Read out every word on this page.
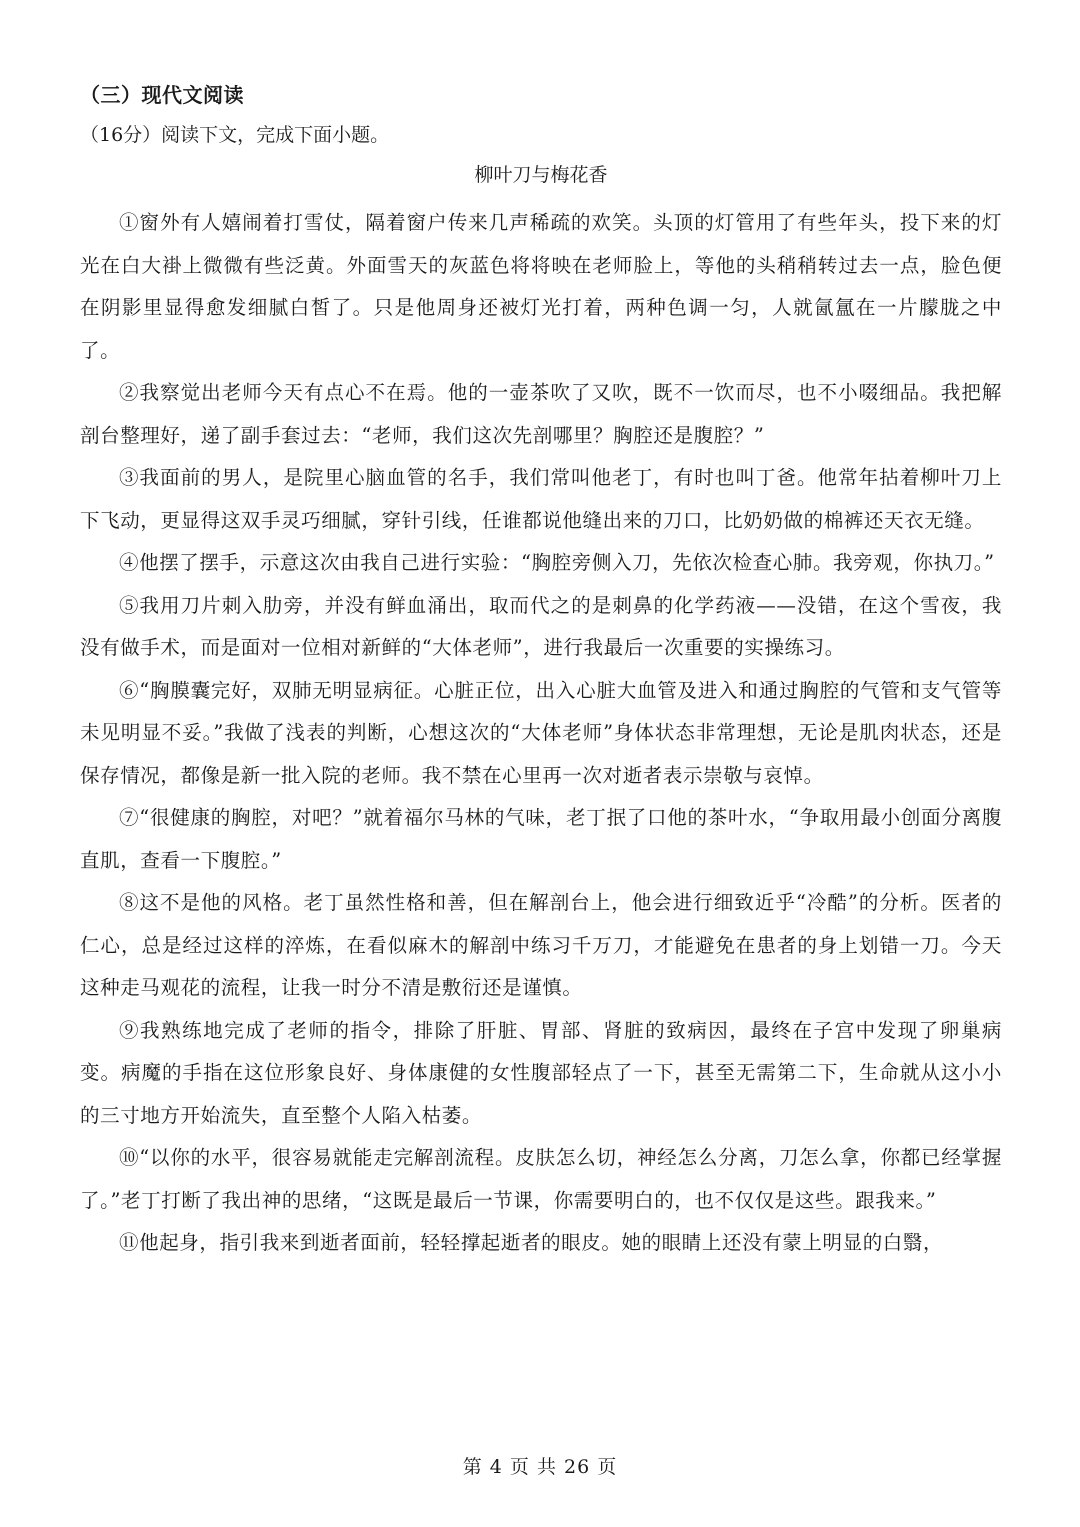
（三）现代文阅读
（16分）阅读下文，完成下面小题。
柳叶刀与梅花香

①窗外有人嬉闹着打雪仗，隔着窗户传来几声稀疏的欢笑。头顶的灯管用了有些年头，投下来的灯光在白大褂上微微有些泛黄。外面雪天的灰蓝色将将映在老师脸上，等他的头稍稍转过去一点，脸色便在阴影里显得愈发细腻白皙了。只是他周身还被灯光打着，两种色调一匀，人就氤氲在一片朦胧之中了。

②我察觉出老师今天有点心不在焉。他的一壶茶吹了又吹，既不一饮而尽，也不小啜细品。我把解剖台整理好，递了副手套过去：“老师，我们这次先剖哪里？胸腔还是腹腔？”

③我面前的男人，是院里心脑血管的名手，我们常叫他老丁，有时也叫丁爸。他常年拈着柳叶刀上下飞动，更显得这双手灵巧细腻，穿针引线，任谁都说他缝出来的刀口，比奶奶做的棉裤还天衣无缝。

④他摆了摆手，示意这次由我自己进行实验：“胸腔旁侧入刀，先依次检查心肺。我旁观，你执刀。”

⑤我用刀片刺入肋旁，并没有鲜血涌出，取而代之的是刺鼻的化学药液——没错，在这个雪夜，我没有做手术，而是面对一位相对新鲜的“大体老师”，进行我最后一次重要的实操练习。

⑥“胸膜囊完好，双肺无明显病征。心脏正位，出入心脏大血管及进入和通过胸腔的气管和支气管等未见明显不妥。”我做了浅表的判断，心想这次的“大体老师”身体状态非常理想，无论是肌肉状态，还是保存情况，都像是新一批入院的老师。我不禁在心里再一次对逝者表示崇敬与哀悼。

⑦“很健康的胸腔，对吧？”就着福尔马林的气味，老丁抿了口他的茶叶水，“争取用最小创面分离腹直肌，查看一下腹腔。”

⑧这不是他的风格。老丁虽然性格和善，但在解剖台上，他会进行细致近乎“冷酷”的分析。医者的仁心，总是经过这样的淬炼，在看似麻木的解剖中练习千万刀，才能避免在患者的身上划错一刀。今天这种走马观花的流程，让我一时分不清是敷衍还是谨慎。

⑨我熟练地完成了老师的指令，排除了肝脏、胃部、肾脏的致病因，最终在子宫中发现了卵巢病变。病魔的手指在这位形象良好、身体康健的女性腹部轻点了一下，甚至无需第二下，生命就从这小小的三寸地方开始流失，直至整个人陷入枯萎。

⑩“以你的水平，很容易就能走完解剖流程。皮肤怎么切，神经怎么分离，刀怎么拿，你都已经掌握了。”老丁打断了我出神的思绪，“这既是最后一节课，你需要明白的，也不仅仅是这些。跟我来。”

⑪他起身，指引我来到逝者面前，轻轻撑起逝者的眼皮。她的眼睛上还没有蒙上明显的白翳，

第 4 页 共 26 页
